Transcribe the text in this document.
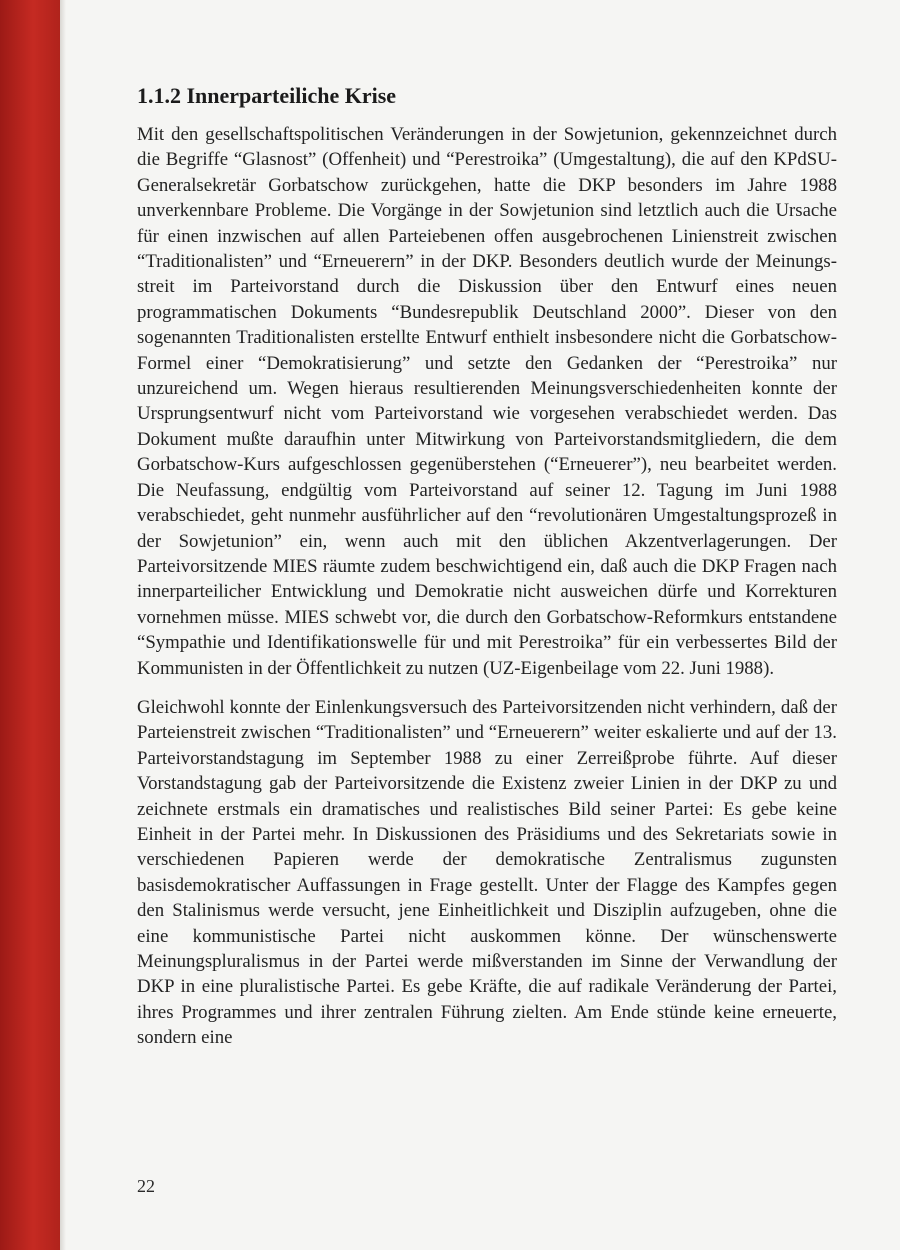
1.1.2 Innerparteiliche Krise

Mit den gesellschaftspolitischen Veränderungen in der Sowjetunion, gekennzeichnet durch die Begriffe “Glasnost” (Offenheit) und “Perestroika” (Umgestaltung), die auf den KPdSU-Generalsekretär Gorbatschow zurückgehen, hatte die DKP besonders im Jahre 1988 unverkennbare Probleme. Die Vorgänge in der Sowjetunion sind letztlich auch die Ursache für einen inzwischen auf allen Parteiebenen offen ausgebrochenen Linienstreit zwischen “Traditionalisten” und “Erneuerern” in der DKP. Besonders deutlich wurde der Meinungsstreit im Parteivorstand durch die Diskussion über den Entwurf eines neuen programmatischen Dokuments “Bundesrepublik Deutschland 2000”. Dieser von den sogenannten Traditionalisten erstellte Entwurf enthielt insbesondere nicht die Gorbatschow-Formel einer “Demokratisierung” und setzte den Gedanken der “Perestroika” nur unzureichend um. Wegen hieraus resultierenden Meinungsverschiedenheiten konnte der Ursprungsentwurf nicht vom Parteivorstand wie vorgesehen verabschiedet werden. Das Dokument mußte daraufhin unter Mitwirkung von Parteivorstandsmitgliedern, die dem Gorbatschow-Kurs aufgeschlossen gegenüberstehen (“Erneuerer”), neu bearbeitet werden. Die Neufassung, endgültig vom Parteivorstand auf seiner 12. Tagung im Juni 1988 verabschiedet, geht nunmehr ausführlicher auf den “revolutionären Umgestaltungsprozeß in der Sowjetunion” ein, wenn auch mit den üblichen Akzentverlagerungen. Der Parteivorsitzende MIES räumte zudem beschwichtigend ein, daß auch die DKP Fragen nach innerparteilicher Entwicklung und Demokratie nicht ausweichen dürfe und Korrekturen vornehmen müsse. MIES schwebt vor, die durch den Gorbatschow-Reformkurs entstandene “Sympathie und Identifikationswelle für und mit Perestroika” für ein verbessertes Bild der Kommunisten in der Öffentlichkeit zu nutzen (UZ-Eigenbeilage vom 22. Juni 1988).

Gleichwohl konnte der Einlenkungsversuch des Parteivorsitzenden nicht verhindern, daß der Parteienstreit zwischen “Traditionalisten” und “Erneuerern” weiter eskalierte und auf der 13. Parteivorstandstagung im September 1988 zu einer Zerreißprobe führte. Auf dieser Vorstandstagung gab der Parteivorsitzende die Existenz zweier Linien in der DKP zu und zeichnete erstmals ein dramatisches und realistisches Bild seiner Partei: Es gebe keine Einheit in der Partei mehr. In Diskussionen des Präsidiums und des Sekretariats sowie in verschiedenen Papieren werde der demokratische Zentralismus zugunsten basisdemokratischer Auffassungen in Frage gestellt. Unter der Flagge des Kampfes gegen den Stalinismus werde versucht, jene Einheitlichkeit und Disziplin aufzugeben, ohne die eine kommunistische Partei nicht auskommen könne. Der wünschenswerte Meinungspluralismus in der Partei werde mißverstanden im Sinne der Verwandlung der DKP in eine pluralistische Partei. Es gebe Kräfte, die auf radikale Veränderung der Partei, ihres Programmes und ihrer zentralen Führung zielten. Am Ende stünde keine erneuerte, sondern eine

22
